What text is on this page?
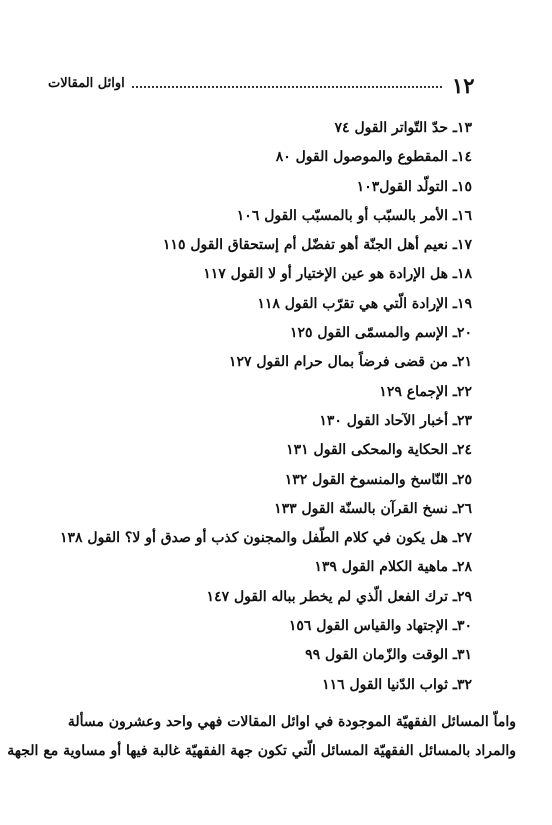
١٢
اوائل المقالات
١٣ـ حدّ التّواتر القول ٧٤
١٤ـ المقطوع والموصول القول ٨٠
١٥ـ التولّد القول١٠٣
١٦ـ الأمر بالسبّب أو بالمسبّب القول ١٠٦
١٧ـ نعيم أهل الجنّة أهو تفضّل أم إستحقاق القول ١١٥
١٨ـ هل الإرادة هو عين الإختيار أو لا القول ١١٧
١٩ـ الإرادة الّتي هي تقرّب القول ١١٨
٢٠ـ الإسم والمسمّى القول ١٢٥
٢١ـ من قضى فرضاً بمال حرام القول ١٢٧
٢٢ـ الإجماع ١٢٩
٢٣ـ أخبار الآحاد القول ١٣٠
٢٤ـ الحكاية والمحكى القول ١٣١
٢٥ـ النّاسخ والمنسوخ القول ١٣٢
٢٦ـ نسخ القرآن بالسنّة القول ١٣٣
٢٧ـ هل يكون في كلام الطّفل والمجنون كذب أو صدق أو لا؟ القول ١٣٨
٢٨ـ ماهية الكلام القول ١٣٩
٢٩ـ ترك الفعل الّذي لم يخطر بباله القول ١٤٧
٣٠ـ الإجتهاد والقياس القول ١٥٦
٣١ـ الوقت والزّمان القول ٩٩
٣٢ـ ثواب الدّنيا القول ١١٦
واماّ المسائل الفقهيّة الموجودة في اوائل المقالات فهي واحد وعشرون مسألة
والمراد بالمسائل الفقهيّة المسائل الّتي تكون جهة الفقهيّة غالبة فيها أو مساوية مع الجهة
